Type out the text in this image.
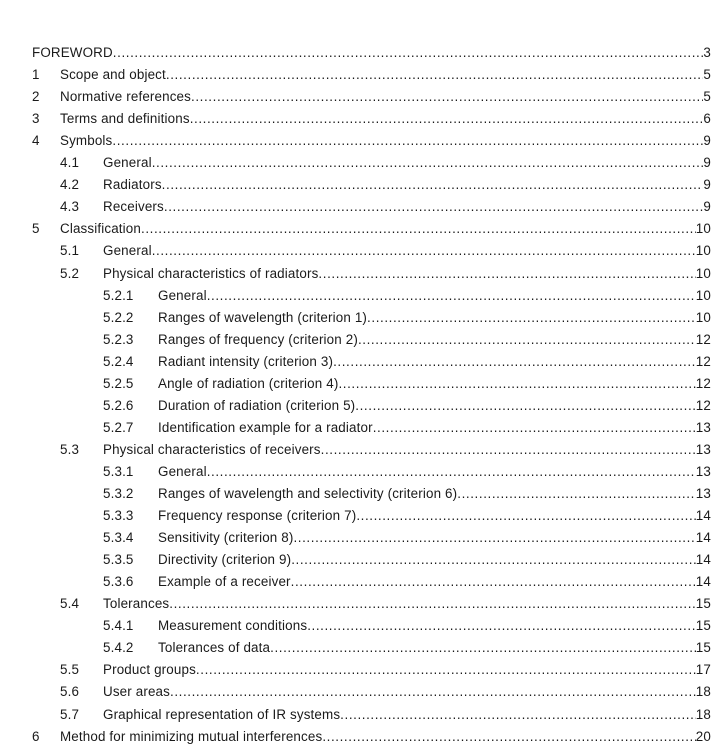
FOREWORD .....	3
1 Scope and object .....	5
2 Normative references .....	5
3 Terms and definitions .....	6
4 Symbols .....	9
4.1 General .....	9
4.2 Radiators .....	9
4.3 Receivers .....	9
5 Classification .....	10
5.1 General .....	10
5.2 Physical characteristics of radiators .....	10
5.2.1 General .....	10
5.2.2 Ranges of wavelength (criterion 1) .....	10
5.2.3 Ranges of frequency (criterion 2) .....	12
5.2.4 Radiant intensity (criterion 3) .....	12
5.2.5 Angle of radiation (criterion 4) .....	12
5.2.6 Duration of radiation (criterion 5) .....	12
5.2.7 Identification example for a radiator .....	13
5.3 Physical characteristics of receivers .....	13
5.3.1 General .....	13
5.3.2 Ranges of wavelength and selectivity (criterion 6) .....	13
5.3.3 Frequency response (criterion 7) .....	14
5.3.4 Sensitivity (criterion 8) .....	14
5.3.5 Directivity (criterion 9) .....	14
5.3.6 Example of a receiver .....	14
5.4 Tolerances .....	15
5.4.1 Measurement conditions .....	15
5.4.2 Tolerances of data .....	15
5.5 Product groups .....	17
5.6 User areas .....	18
5.7 Graphical representation of IR systems .....	18
6 Method for minimizing mutual interferences .....	20
